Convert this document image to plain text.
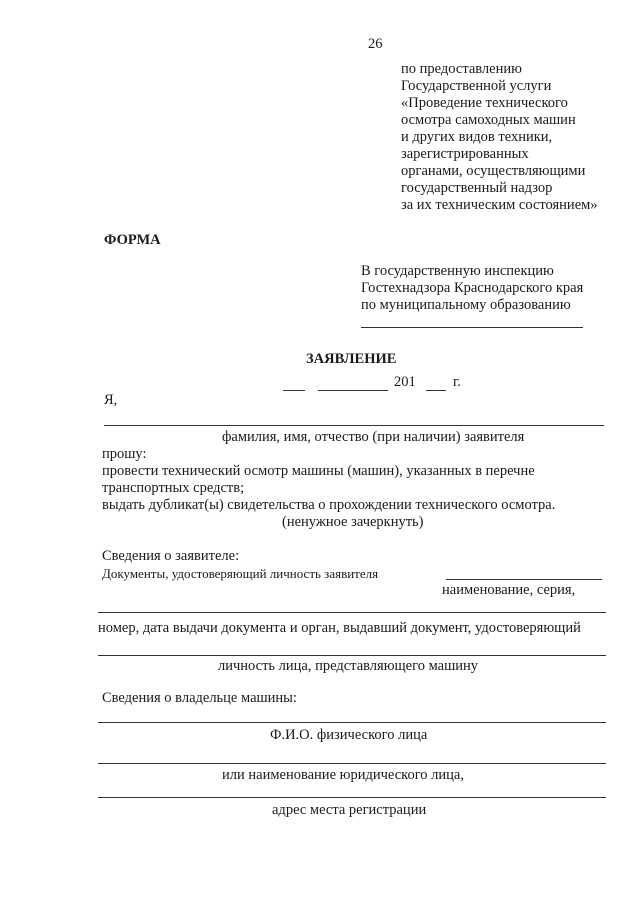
26
по предоставлению
Государственной услуги
«Проведение технического
осмотра самоходных машин
и других видов техники,
зарегистрированных
органами, осуществляющими
государственный надзор
за их техническим состоянием»
ФОРМА
В государственную инспекцию
Гостехнадзора Краснодарского края
по муниципальному образованию
ЗАЯВЛЕНИЕ
201	г.
Я,
фамилия, имя, отчество (при наличии) заявителя
прошу:
провести технический осмотр машины (машин), указанных в перечне
транспортных средств;
выдать дубликат(ы) свидетельства о прохождении технического осмотра.
(ненужное зачеркнуть)
Сведения о заявителе:
Документы, удостоверяющий личность заявителя
наименование, серия,
номер, дата выдачи документа и орган, выдавший документ, удостоверяющий
личность лица, представляющего машину
Сведения о владельце машины:
Ф.И.О. физического лица
или наименование юридического лица,
адрес места регистрации
